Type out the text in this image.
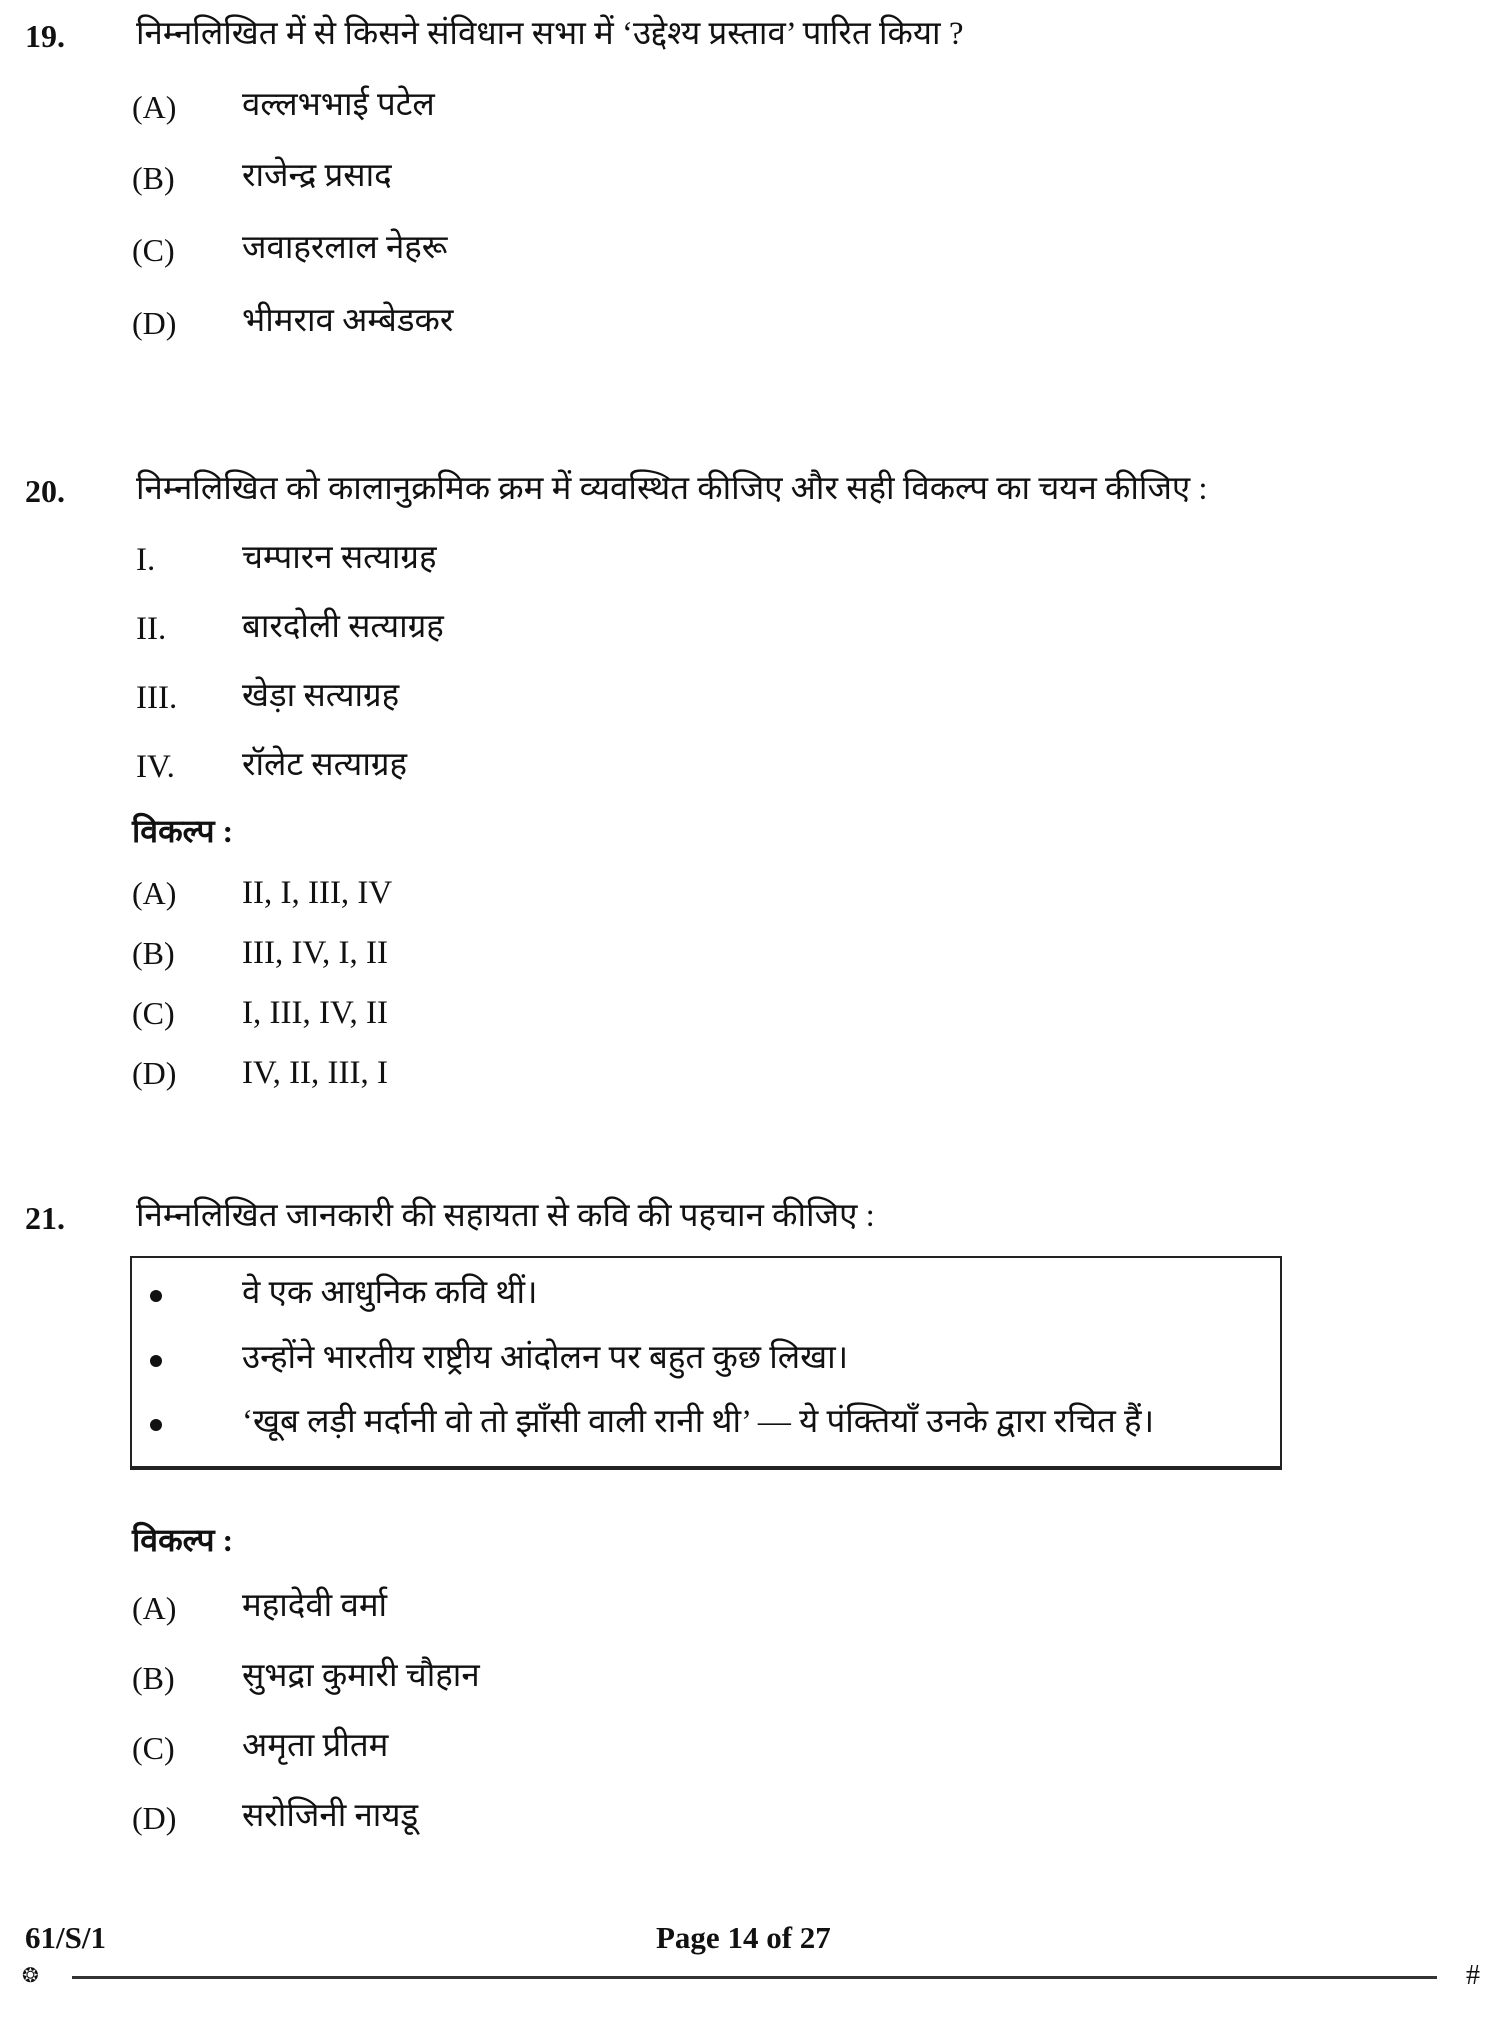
19. निम्नलिखित में से किसने संविधान सभा में ‘उद्देश्य प्रस्ताव’ पारित किया ?
(A) वल्लभभाई पटेल
(B) राजेन्द्र प्रसाद
(C) जवाहरलाल नेहरू
(D) भीमराव अम्बेडकर
20. निम्नलिखित को कालानुक्रमिक क्रम में व्यवस्थित कीजिए और सही विकल्प का चयन कीजिए :
I.	चम्पारन सत्याग्रह
II. बारदोली सत्याग्रह
III. खेड़ा सत्याग्रह
IV. रॉलेट सत्याग्रह
विकल्प :
(A) II, I, III, IV
(B) III, IV, I, II
(C) I, III, IV, II
(D) IV, II, III, I
21. निम्नलिखित जानकारी की सहायता से कवि की पहचान कीजिए :
वे एक आधुनिक कवि थीं।
उन्होंने भारतीय राष्ट्रीय आंदोलन पर बहुत कुछ लिखा।
‘खूब लड़ी मर्दानी वो तो झाँसी वाली रानी थी’ — ये पंक्तियाँ उनके द्वारा रचित हैं।
विकल्प :
(A) महादेवी वर्मा
(B) सुभद्रा कुमारी चौहान
(C) अमृता प्रीतम
(D) सरोजिनी नायडू
61/S/1	Page 14 of 27
❂	#
